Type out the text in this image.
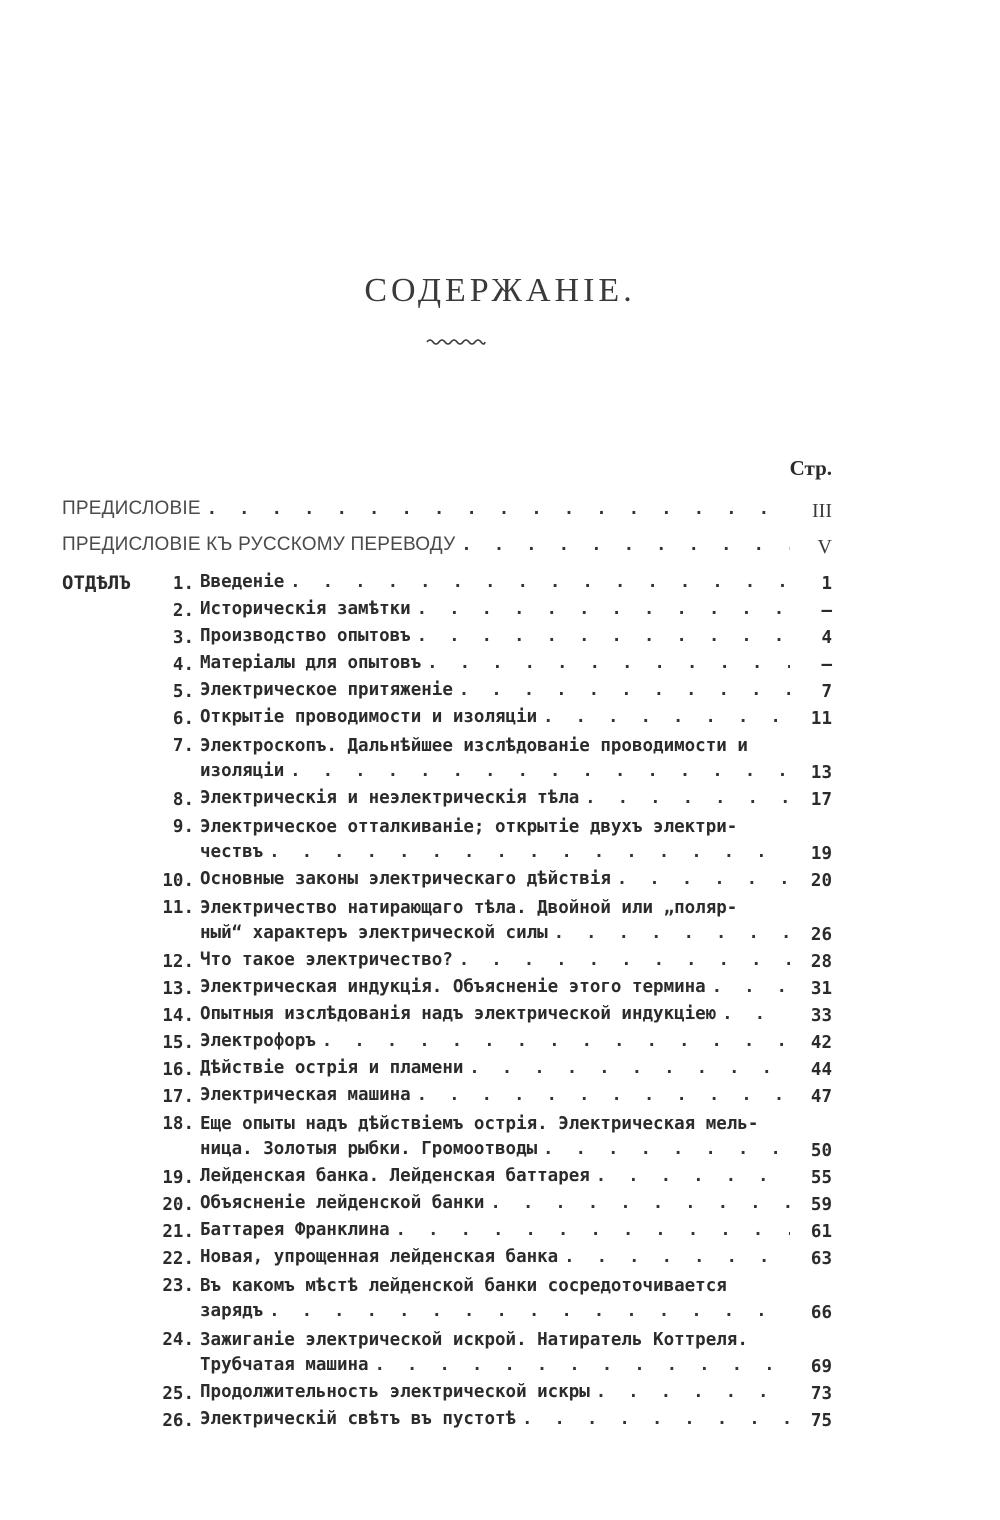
СОДЕРЖАНІЕ.
Стр.
ПРЕДИСЛОВІЕ . . .	III
ПРЕДИСЛОВІЕ КЪ РУССКОМУ ПЕРЕВОДУ . . .	V
ОТДѢЛЪ	1. Введеніе . . .	1
2. Историческія замѣтки . . .	—
3. Производство опытовъ . . .	4
4. Матеріалы для опытовъ . . .	—
5. Электрическое притяженіе . . .	7
6. Открытіе проводимости и изоляціи . . .	11
7. Электроскопъ. Дальнѣйшее изслѣдованіе проводимости и
изоляціи . . .	13
8. Электрическія и неэлектрическія тѣла . . .	17
9. Электрическое отталкиваніе; открытіе двухъ электри-
чествъ . . .	19
10. Основные законы электрическаго дѣйствія . . .	20
11. Электричество натирающаго тѣла. Двойной или „поляр-
ный“ характеръ электрической силы . . .	26
12. Что такое электричество? . . .	28
13. Электрическая индукція. Объясненіе этого термина . . .	31
14. Опытныя изслѣдованія надъ электрической индукціею . . .	33
15. Электрофоръ . . .	42
16. Дѣйствіе острія и пламени . . .	44
17. Электрическая машина . . .	47
18. Еще опыты надъ дѣйствіемъ острія. Электрическая мель-
ница. Золотыя рыбки. Громоотводы . . .	50
19. Лейденская банка. Лейденская баттарея . . .	55
20. Объясненіе лейденской банки . . .	59
21. Баттарея Франклина . . .	61
22. Новая, упрощенная лейденская банка . . .	63
23. Въ какомъ мѣстѣ лейденской банки сосредоточивается
зарядъ . . .	66
24. Зажиганіе электрической искрой. Натиратель Коттреля.
Трубчатая машина . . .	69
25. Продолжительность электрической искры . . .	73
26. Электрическій свѣтъ въ пустотѣ . . .	75
